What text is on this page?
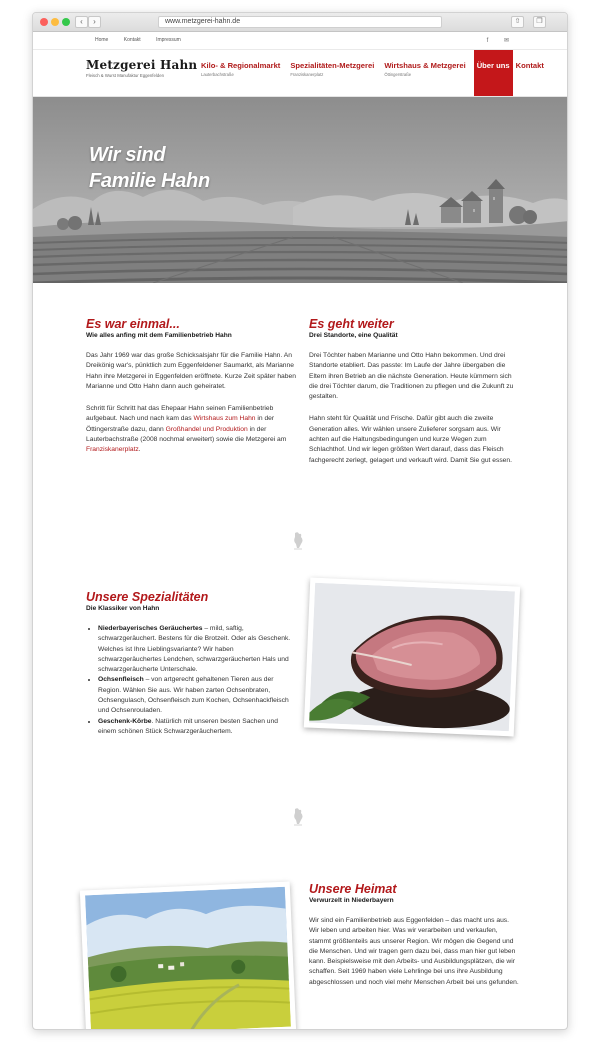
‹	›	www.metzgerei-hahn.de	⇧	❐
Home	Kontakt	Impressum	f	✉
Metzgerei Hahn
Fleisch & Wurst Manufaktur Eggenfelden
Kilo- & Regionalmarkt
Lauterbachstraße
Spezialitäten-Metzgerei
Franziskanerplatz
Wirtshaus & Metzgerei
Öttingerstraße
Über uns Kontakt
Wir sind
Familie Hahn
Es war einmal...
Wie alles anfing mit dem Familienbetrieb Hahn
Das Jahr 1969 war das große Schicksalsjahr für die Familie Hahn. An Dreikönig war's, pünktlich zum Eggenfeldener Saumarkt, als Marianne Hahn ihre Metzgerei in Eggenfelden eröffnete. Kurze Zeit später haben Marianne und Otto Hahn dann auch geheiratet.
Schritt für Schritt hat das Ehepaar Hahn seinen Familienbetrieb aufgebaut. Nach und nach kam das Wirtshaus zum Hahn in der Öttingerstraße dazu, dann Großhandel und Produktion in der Lauterbachstraße (2008 nochmal erweitert) sowie die Metzgerei am Franziskanerplatz.
Es geht weiter
Drei Standorte, eine Qualität
Drei Töchter haben Marianne und Otto Hahn bekommen. Und drei Standorte etabliert. Das passte: Im Laufe der Jahre übergaben die Eltern ihren Betrieb an die nächste Generation. Heute kümmern sich die drei Töchter darum, die Traditionen zu pflegen und die Zukunft zu gestalten.
Hahn steht für Qualität und Frische. Dafür gibt auch die zweite Generation alles. Wir wählen unsere Zulieferer sorgsam aus. Wir achten auf die Haltungsbedingungen und kurze Wegen zum Schlachthof. Und wir legen größten Wert darauf, dass das Fleisch fachgerecht zerlegt, gelagert und verkauft wird. Damit Sie gut essen.
Unsere Spezialitäten
Die Klassiker von Hahn
• Niederbayerisches Geräuchertes – mild, saftig, schwarzgeräuchert. Bestens für die Brotzeit. Oder als Geschenk. Welches ist Ihre Lieblingsvariante? Wir haben schwarzgeräuchertes Lendchen, schwarzgeräucherten Hals und schwarzgeräucherte Unterschale.
• Ochsenfleisch – von artgerecht gehaltenen Tieren aus der Region. Wählen Sie aus. Wir haben zarten Ochsenbraten, Ochsengulasch, Ochsenfleisch zum Kochen, Ochsenhackfleisch und Ochsenrouladen.
• Geschenk-Körbe. Natürlich mit unseren besten Sachen und einem schönen Stück Schwarzgeräuchertem.
Unsere Heimat
Verwurzelt in Niederbayern
Wir sind ein Familienbetrieb aus Eggenfelden – das macht uns aus. Wir leben und arbeiten hier. Was wir verarbeiten und verkaufen, stammt größtenteils aus unserer Region. Wir mögen die Gegend und die Menschen. Und wir tragen gern dazu bei, dass man hier gut leben kann. Beispielsweise mit den Arbeits- und Ausbildungsplätzen, die wir schaffen. Seit 1969 haben viele Lehrlinge bei uns ihre Ausbildung abgeschlossen und noch viel mehr Menschen Arbeit bei uns gefunden.
